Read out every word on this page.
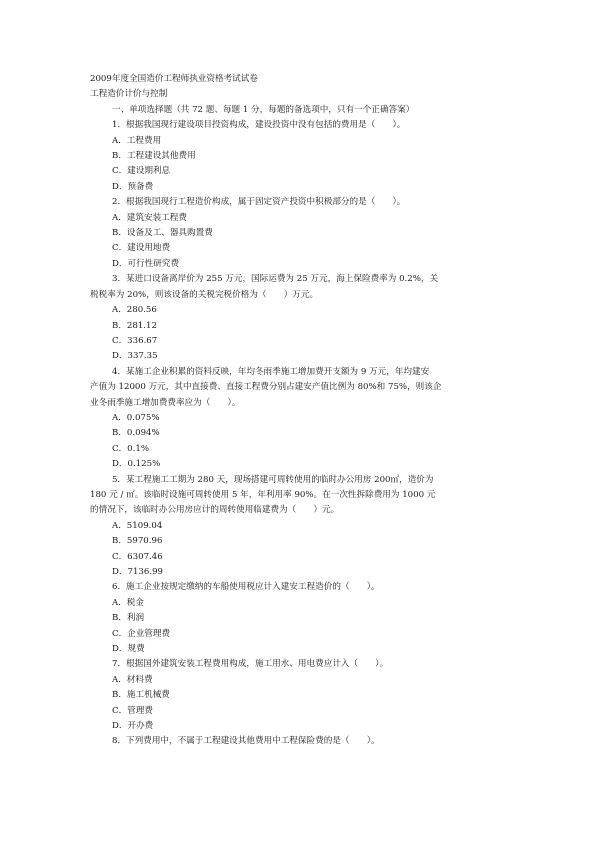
2009年度全国造价工程师执业资格考试试卷
工程造价计价与控制
一、单项选择题（共 72 题、每题 1 分，每题的备选项中，只有一个正确答案）
1．根据我国现行建设项目投资构成，建设投资中没有包括的费用是（　　）。
A．工程费用
B．工程建设其他费用
C．建设期利息
D．预备费
2．根据我国现行工程造价构成，属于固定资产投资中积极部分的是（　　）。
A．建筑安装工程费
B．设备及工、器具购置费
C．建设用地费
D．可行性研究费
3．某进口设备离岸价为 255 万元，国际运费为 25 万元，海上保险费率为 0.2%，关
税税率为 20%，则该设备的关税完税价格为（　　）万元。
A．280.56
B．281.12
C．336.67
D．337.35
4．某施工企业积累的资料反映，年均冬雨季施工增加费开支额为 9 万元，年均建安
产值为 12000 万元，其中直接费、直接工程费分别占建安产值比例为 80%和 75%，则该企
业冬雨季施工增加费费率应为（　　）。
A．0.075%
B．0.094%
C．0.1%
D．0.125%
5．某工程施工工期为 280 天，现场搭建可周转使用的临时办公用房 200㎡，造价为
180 元 / ㎡。该临时设施可周转使用 5 年，年利用率 90%。在一次性拆除费用为 1000 元
的情况下，该临时办公用房应计的周转使用临建费为（　　）元。
A．5109.04
B．5970.96
C．6307.46
D．7136.99
6．施工企业按规定缴纳的车船使用税应计入建安工程造价的（　　）。
A．税金
B．利润
C．企业管理费
D．规费
7．根据国外建筑安装工程费用构成，施工用水、用电费应计入（　　）。
A．材料费
B．施工机械费
C．管理费
D．开办费
8．下列费用中，不属于工程建设其他费用中工程保险费的是（　　）。
